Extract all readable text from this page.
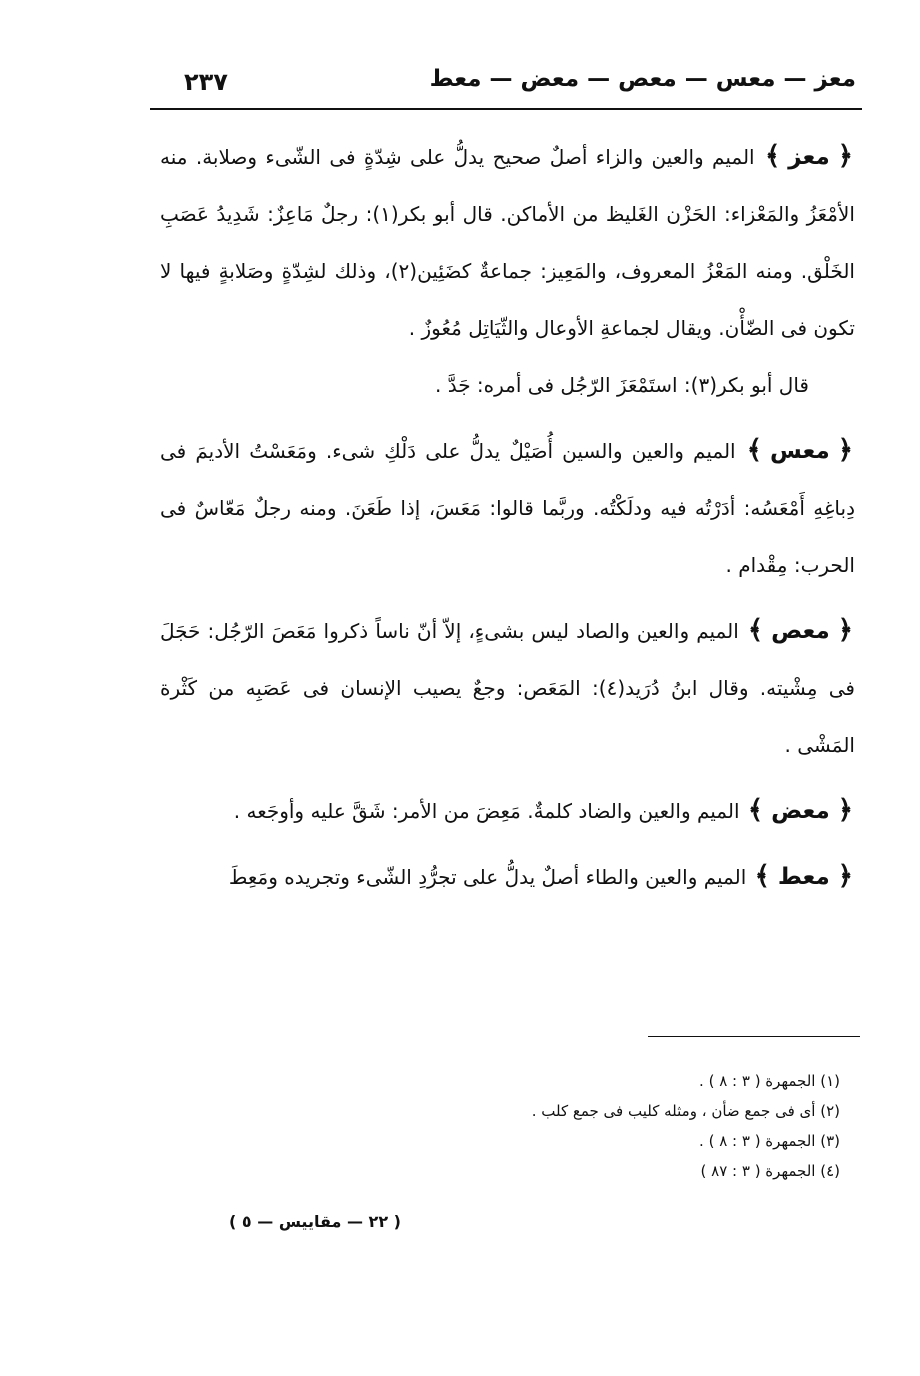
٢٣٧	معز — معس — معص — معض — معط

﴿ معز ﴾ الميم والعين والزاء أصلٌ صحيح يدلُّ على شِدّةٍ فى الشّىء وصلابة. منه الأمْعَزُ والمَعْزاء: الحَزْن الغَليظ من الأماكن. قال أبو بكر(١): رجلٌ مَاعِزٌ: شَدِيدُ عَصَبِ الخَلْق. ومنه المَعْزُ المعروف، والمَعِيز: جماعةٌ كضَئِين(٢)، وذلك لشِدّةٍ وصَلابةٍ فيها لا تكون فى الضّأْن. ويقال لجماعةِ الأوعال والثّيَاتِل مُعُوزٌ .

قال أبو بكر(٣): استَمْعَزَ الرّجُل فى أمره: جَدَّ .

﴿ معس ﴾ الميم والعين والسين أُصَيْلٌ يدلُّ على دَلْكِ شىء. ومَعَسْتُ الأديمَ فى دِباغِهِ أَمْعَسُه: أدَرْتُه فيه ودلَكْتُه. وربَّما قالوا: مَعَسَ، إذا طَعَنَ. ومنه رجلٌ مَعّاسٌ فى الحرب: مِقْدام .

﴿ معص ﴾ الميم والعين والصاد ليس بشىءٍ، إلاّ أنّ ناساً ذكروا مَعَصَ الرّجُل: حَجَلَ فى مِشْيته. وقال ابنُ دُرَيد(٤): المَعَص: وجعٌ يصيب الإنسان فى عَصَبِه من كَثْرة المَشْى .

﴿ معض ﴾ الميم والعين والضاد كلمةٌ. مَعِضَ من الأمر: شَقَّ عليه وأوجَعه .

﴿ معط ﴾ الميم والعين والطاء أصلٌ يدلُّ على تجرُّدِ الشّىء وتجريده ومَعِطَ

(١) الجمهرة ( ٣ : ٨ ) .

(٢) أى فى جمع ضأن ، ومثله كليب فى جمع كلب .

(٣) الجمهرة ( ٣ : ٨ ) .

(٤) الجمهرة ( ٣ : ٨٧ )

( ٢٢ — مقاييس — ٥ )
